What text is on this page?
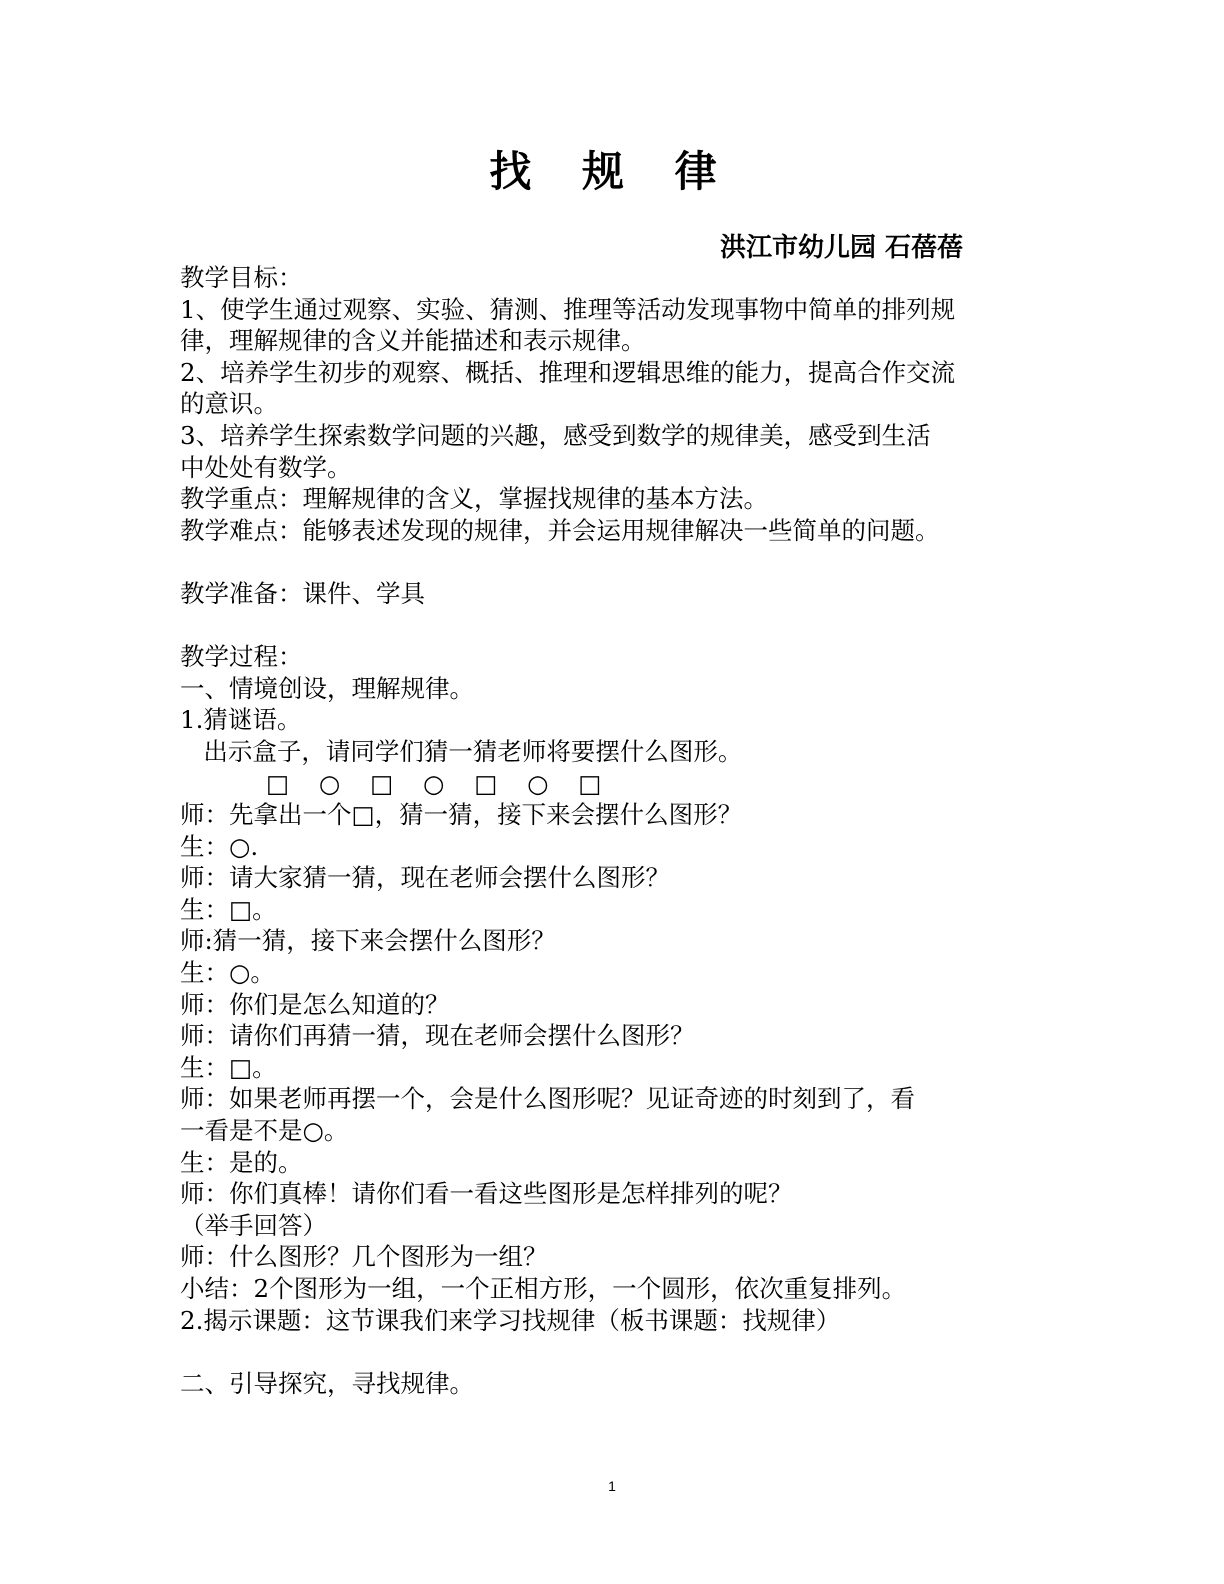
找 规 律
洪江市幼儿园 石蓓蓓
教学目标：
1、使学生通过观察、实验、猜测、推理等活动发现事物中简单的排列规
律，理解规律的含义并能描述和表示规律。
2、培养学生初步的观察、概括、推理和逻辑思维的能力，提高合作交流
的意识。
3、培养学生探索数学问题的兴趣，感受到数学的规律美，感受到生活
中处处有数学。
教学重点：理解规律的含义，掌握找规律的基本方法。
教学难点：能够表述发现的规律，并会运用规律解决一些简单的问题。
教学准备：课件、学具
教学过程：
一、情境创设，理解规律。
1.猜谜语。
出示盒子，请同学们猜一猜老师将要摆什么图形。
□ ○ □ ○ □ ○ □
师：先拿出一个□，猜一猜，接下来会摆什么图形？
生：○.
师：请大家猜一猜，现在老师会摆什么图形？
生：□。
师:猜一猜，接下来会摆什么图形？
生：○。
师：你们是怎么知道的？
师：请你们再猜一猜，现在老师会摆什么图形？
生：□。
师：如果老师再摆一个，会是什么图形呢？见证奇迹的时刻到了，看
一看是不是○。
生：是的。
师：你们真棒！请你们看一看这些图形是怎样排列的呢？
（举手回答）
师：什么图形？几个图形为一组？
小结：2个图形为一组，一个正相方形，一个圆形，依次重复排列。
2.揭示课题：这节课我们来学习找规律（板书课题：找规律）
二、引导探究，寻找规律。
1
